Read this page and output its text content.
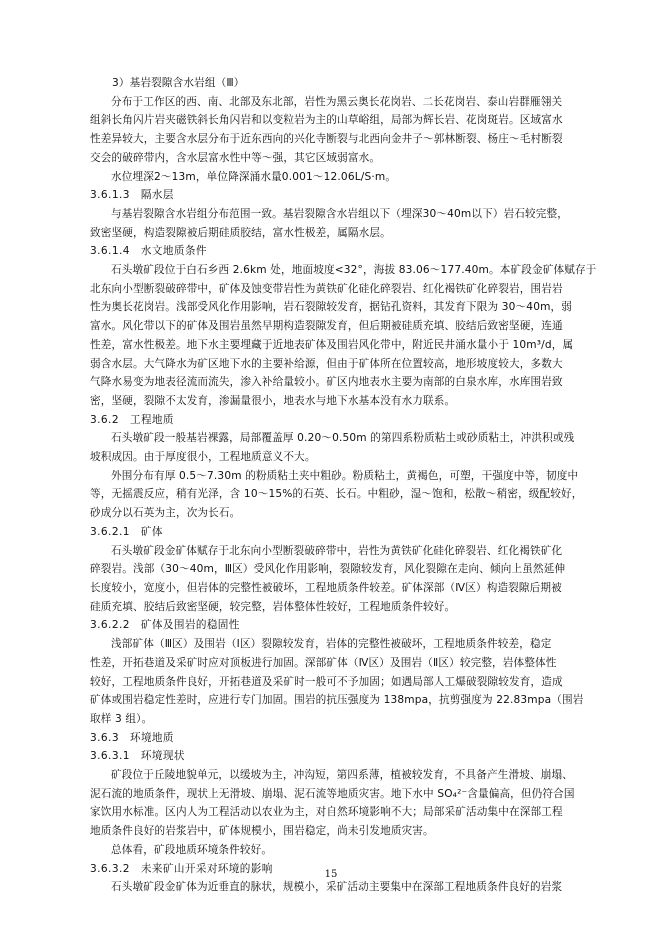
3）基岩裂隙含水岩组（Ⅲ）
分布于工作区的西、南、北部及东北部，岩性为黑云奥长花岗岩、二长花岗岩、泰山岩群雁翎关
组斜长角闪片岩夹磁铁斜长角闪岩和以变粒岩为主的山草峪组，局部为辉长岩、花岗斑岩。区域富水
性差异较大，主要含水层分布于近东西向的兴化寺断裂与北西向金井子～郭林断裂、杨庄～毛村断裂
交会的破碎带内，含水层富水性中等～强，其它区域弱富水。
水位埋深2～13m，单位降深涌水量0.001～12.06L/S·m。
3.6.1.3　隔水层
与基岩裂隙含水岩组分布范围一致。基岩裂隙含水岩组以下（埋深30～40m以下）岩石较完整，
致密坚硬，构造裂隙被后期硅质胶结，富水性极差，属隔水层。
3.6.1.4　水文地质条件
石头墩矿段位于白石乡西 2.6km 处，地面坡度<32°，海拔 83.06～177.40m。本矿段金矿体赋存于
北东向小型断裂破碎带中，矿体及蚀变带岩性为黄铁矿化硅化碎裂岩、红化褐铁矿化碎裂岩，围岩岩
性为奥长花岗岩。浅部受风化作用影响，岩石裂隙较发育，据钻孔资料，其发育下限为 30～40m，弱
富水。风化带以下的矿体及围岩虽然早期构造裂隙发育，但后期被硅质充填、胶结后致密坚硬，连通
性差，富水性极差。地下水主要埋藏于近地表矿体及围岩风化带中，附近民井涌水量小于 10m³/d，属
弱含水层。大气降水为矿区地下水的主要补给源，但由于矿体所在位置较高，地形坡度较大，多数大
气降水易变为地表径流而流失，渗入补给量较小。矿区内地表水主要为南部的白泉水库，水库围岩致
密，坚硬，裂隙不太发育，渗漏量很小，地表水与地下水基本没有水力联系。
3.6.2　工程地质
石头墩矿段一般基岩裸露，局部覆盖厚 0.20～0.50m 的第四系粉质粘土或砂质粘土，冲洪积或残
坡积成因。由于厚度很小，工程地质意义不大。
外围分布有厚 0.5～7.30m 的粉质粘土夹中粗砂。粉质粘土，黄褐色，可塑，干强度中等，韧度中
等，无摇震反应，稍有光泽，含 10～15%的石英、长石。中粗砂，湿～饱和，松散～稍密，级配较好，
砂成分以石英为主，次为长石。
3.6.2.1　矿体
石头墩矿段金矿体赋存于北东向小型断裂破碎带中，岩性为黄铁矿化硅化碎裂岩、红化褐铁矿化
碎裂岩。浅部（30～40m，Ⅲ区）受风化作用影响，裂隙较发育，风化裂隙在走向、倾向上虽然延伸
长度较小，宽度小，但岩体的完整性被破坏，工程地质条件较差。矿体深部（Ⅳ区）构造裂隙后期被
硅质充填、胶结后致密坚硬，较完整，岩体整体性较好，工程地质条件较好。
3.6.2.2　矿体及围岩的稳固性
浅部矿体（Ⅲ区）及围岩（Ⅰ区）裂隙较发育，岩体的完整性被破坏，工程地质条件较差，稳定
性差，开拓巷道及采矿时应对顶板进行加固。深部矿体（Ⅳ区）及围岩（Ⅱ区）较完整，岩体整体性
较好，工程地质条件良好，开拓巷道及采矿时一般可不予加固；如遇局部人工爆破裂隙较发育，造成
矿体或围岩稳定性差时，应进行专门加固。围岩的抗压强度为 138mpa，抗剪强度为 22.83mpa（围岩
取样 3 组）。
3.6.3　环境地质
3.6.3.1　环境现状
矿段位于丘陵地貌单元，以缓坡为主，冲沟短，第四系薄，植被较发育，不具备产生滑坡、崩塌、
泥石流的地质条件，现状上无滑坡、崩塌、泥石流等地质灾害。地下水中 SO₄²⁻含量偏高，但仍符合国
家饮用水标准。区内人为工程活动以农业为主，对自然环境影响不大；局部采矿活动集中在深部工程
地质条件良好的岩浆岩中，矿体规模小，围岩稳定，尚未引发地质灾害。
总体看，矿段地质环境条件较好。
3.6.3.2　未来矿山开采对环境的影响
石头墩矿段金矿体为近垂直的脉状，规模小，采矿活动主要集中在深部工程地质条件良好的岩浆
15
